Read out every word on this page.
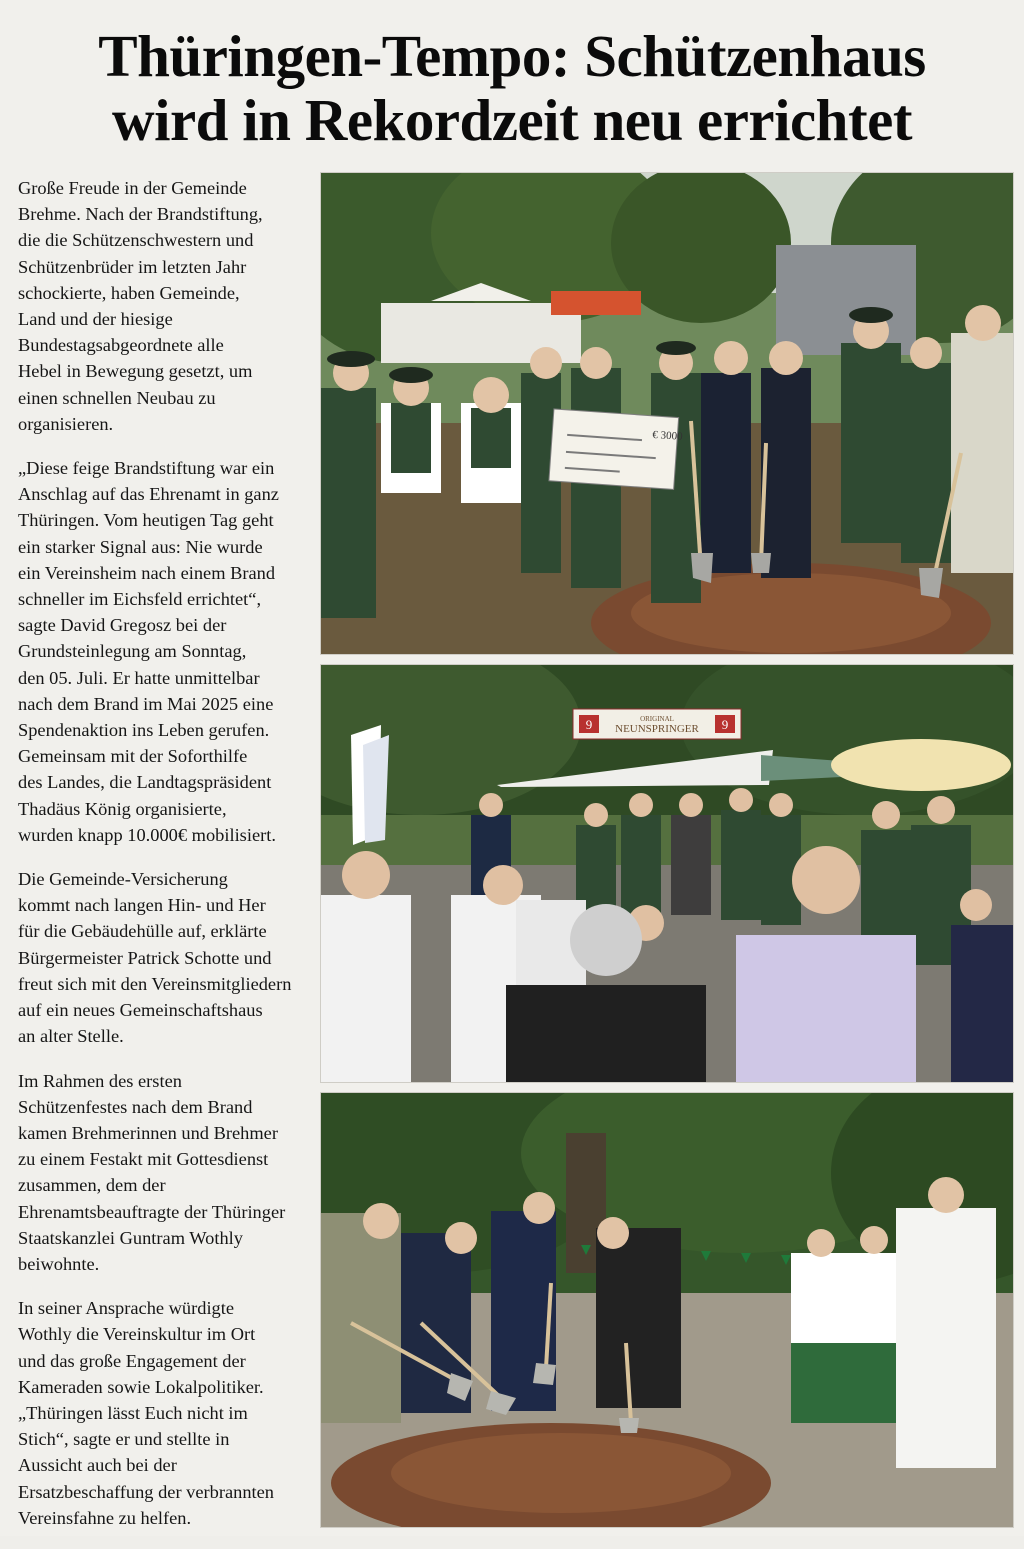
Thüringen-Tempo: Schützenhaus
wird in Rekordzeit neu errichtet

Große Freude in der Gemeinde
Brehme. Nach der Brandstiftung,
die die Schützenschwestern und
Schützenbrüder im letzten Jahr
schockierte, haben Gemeinde,
Land und der hiesige
Bundestagsabgeordnete alle
Hebel in Bewegung gesetzt, um
einen schnellen Neubau zu
organisieren.

„Diese feige Brandstiftung war ein
Anschlag auf das Ehrenamt in ganz
Thüringen. Vom heutigen Tag geht
ein starker Signal aus: Nie wurde
ein Vereinsheim nach einem Brand
schneller im Eichsfeld errichtet“,
sagte David Gregosz bei der
Grundsteinlegung am Sonntag,
den 05. Juli. Er hatte unmittelbar
nach dem Brand im Mai 2025 eine
Spendenaktion ins Leben gerufen.
Gemeinsam mit der Soforthilfe
des Landes, die Landtagspräsident
Thadäus König organisierte,
wurden knapp 10.000€ mobilisiert.

Die Gemeinde-Versicherung
kommt nach langen Hin- und Her
für die Gebäudehülle auf, erklärte
Bürgermeister Patrick Schotte und
freut sich mit den Vereinsmitgliedern
auf ein neues Gemeinschaftshaus
an alter Stelle.

Im Rahmen des ersten
Schützenfestes nach dem Brand
kamen Brehmerinnen und Brehmer
zu einem Festakt mit Gottesdienst
zusammen, dem der
Ehrenamtsbeauftragte der Thüringer
Staatskanzlei Guntram Wothly
beiwohnte.

In seiner Ansprache würdigte
Wothly die Vereinskultur im Ort
und das große Engagement der
Kameraden sowie Lokalpolitiker.
„Thüringen lässt Euch nicht im
Stich“, sagte er und stellte in
Aussicht auch bei der
Ersatzbeschaffung der verbrannten
Vereinsfahne zu helfen.

€ 3000
9	9
ORIGINAL
NEUNSPRINGER
